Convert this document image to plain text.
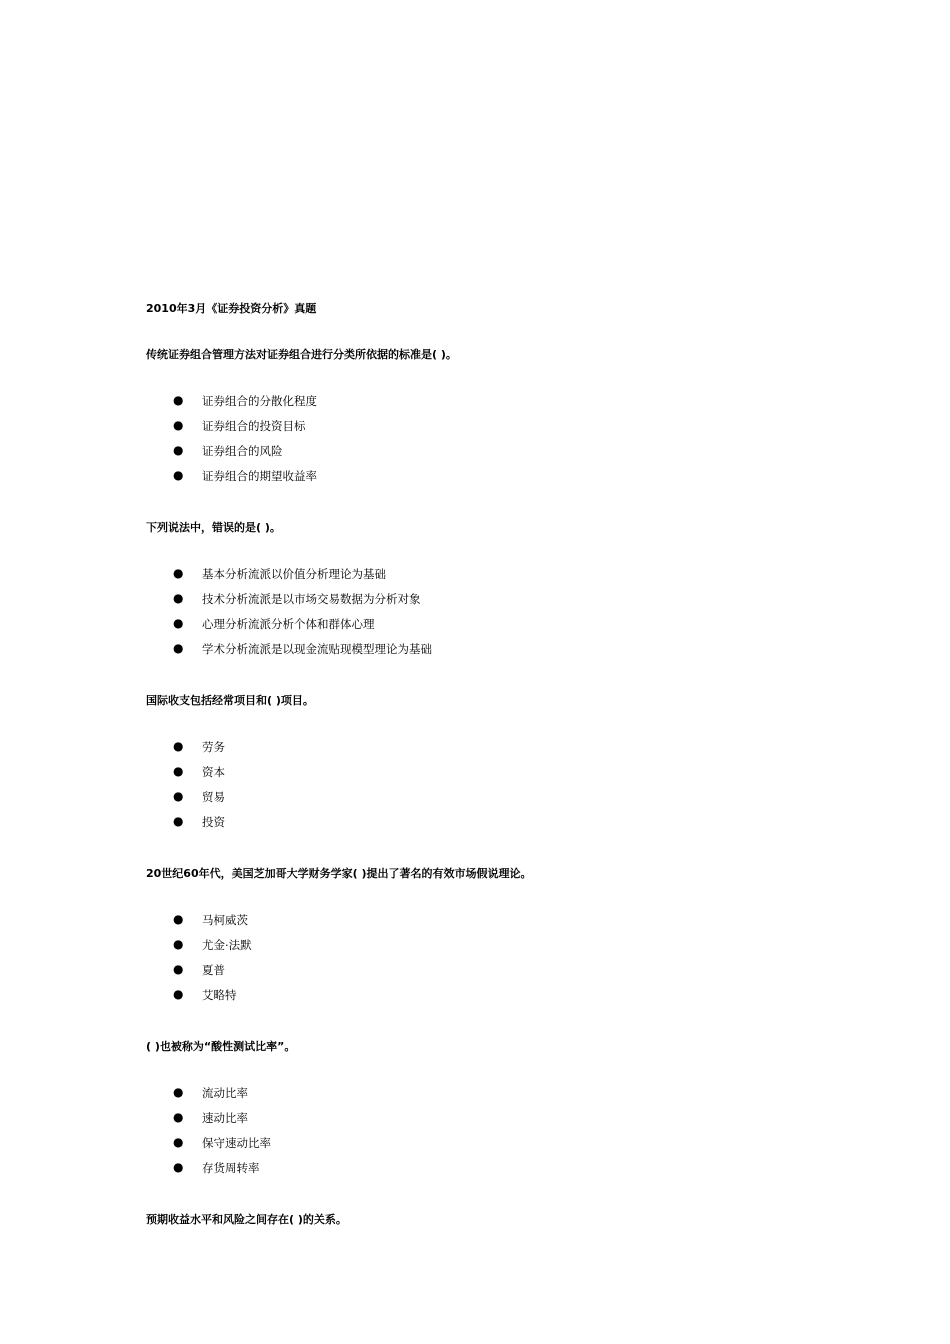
2010年3月《证券投资分析》真题
传统证券组合管理方法对证券组合进行分类所依据的标准是( )。
● 证券组合的分散化程度
● 证券组合的投资目标
● 证券组合的风险
● 证券组合的期望收益率
下列说法中，错误的是( )。
● 基本分析流派以价值分析理论为基础
● 技术分析流派是以市场交易数据为分析对象
● 心理分析流派分析个体和群体心理
● 学术分析流派是以现金流贴现模型理论为基础
国际收支包括经常项目和( )项目。
● 劳务
● 资本
● 贸易
● 投资
20世纪60年代，美国芝加哥大学财务学家( )提出了著名的有效市场假说理论。
● 马柯威茨
● 尤金·法默
● 夏普
● 艾略特
( )也被称为“酸性测试比率”。
● 流动比率
● 速动比率
● 保守速动比率
● 存货周转率
预期收益水平和风险之间存在( )的关系。
